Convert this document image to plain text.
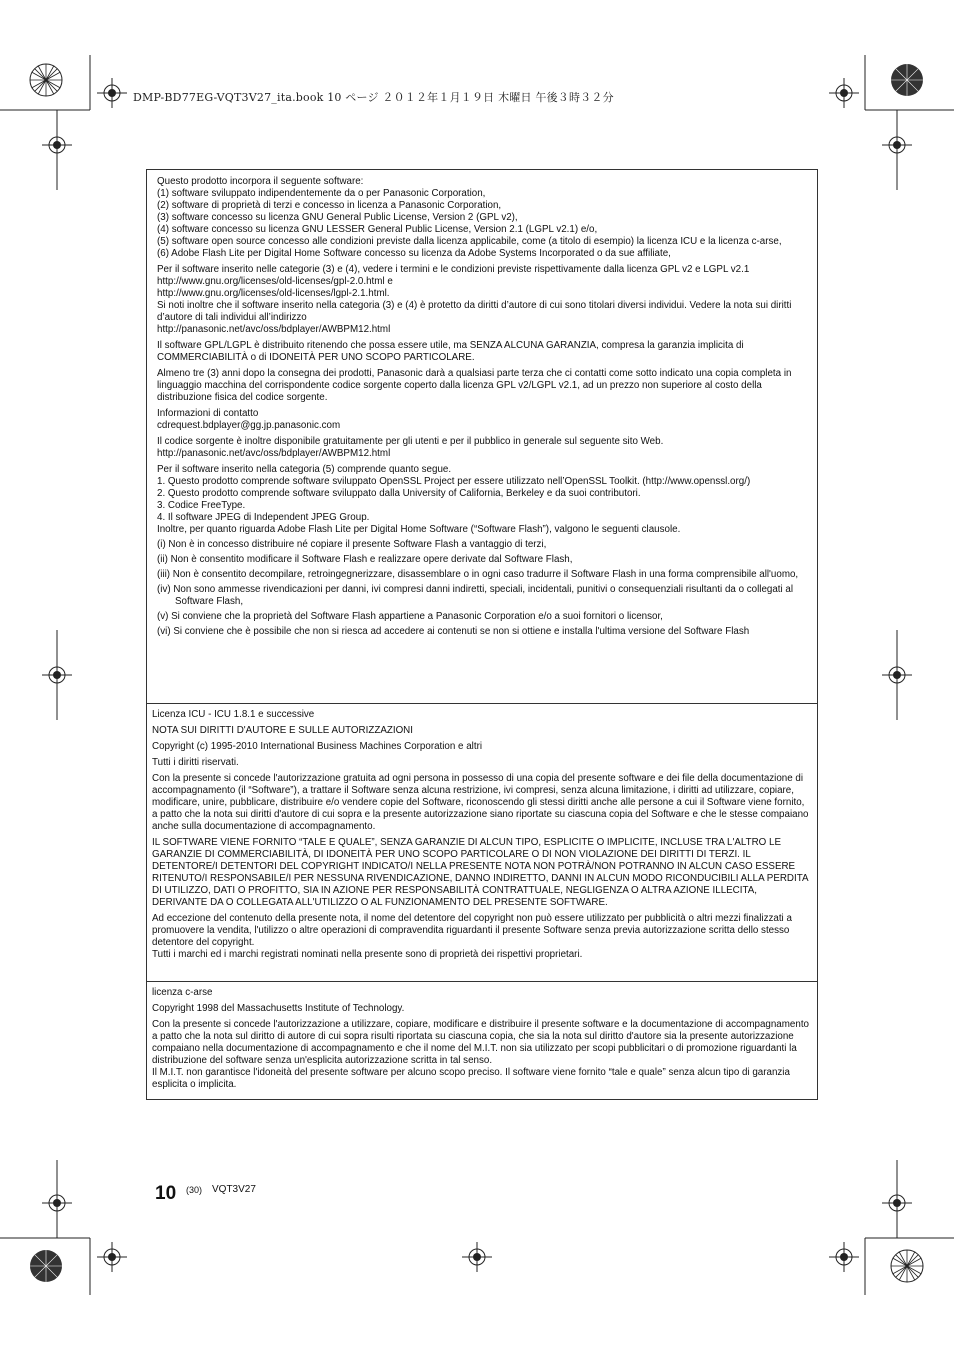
DMP-BD77EG-VQT3V27_ita.book 10 ページ ２０１２年１月１９日 木曜日 午後３時３２分

Questo prodotto incorpora il seguente software:

(1) software sviluppato indipendentemente da o per Panasonic Corporation,

(2) software di proprietà di terzi e concesso in licenza a Panasonic Corporation,

(3) software concesso su licenza GNU General Public License, Version 2 (GPL v2),

(4) software concesso su licenza GNU LESSER General Public License, Version 2.1 (LGPL v2.1) e/o,

(5) software open source concesso alle condizioni previste dalla licenza applicabile, come (a titolo di esempio) la licenza ICU e la licenza c-arse,

(6) Adobe Flash Lite per Digital Home Software concesso su licenza da Adobe Systems Incorporated o da sue affiliate,

Per il software inserito nelle categorie (3) e (4), vedere i termini e le condizioni previste rispettivamente dalla licenza GPL v2 e LGPL v2.1

http://www.gnu.org/licenses/old-licenses/gpl-2.0.html e

http://www.gnu.org/licenses/old-licenses/lgpl-2.1.html.

Si noti inoltre che il software inserito nella categoria (3) e (4) è protetto da diritti d’autore di cui sono titolari diversi individui. Vedere la nota sui diritti d’autore di tali individui all’indirizzo

http://panasonic.net/avc/oss/bdplayer/AWBPM12.html

Il software GPL/LGPL è distribuito ritenendo che possa essere utile, ma SENZA ALCUNA GARANZIA, compresa la garanzia implicita di COMMERCIABILITÀ o di IDONEITÀ PER UNO SCOPO PARTICOLARE.

Almeno tre (3) anni dopo la consegna dei prodotti, Panasonic darà a qualsiasi parte terza che ci contatti come sotto indicato una copia completa in linguaggio macchina del corrispondente codice sorgente coperto dalla licenza GPL v2/LGPL v2.1, ad un prezzo non superiore al costo della distribuzione fisica del codice sorgente.

Informazioni di contatto

cdrequest.bdplayer@gg.jp.panasonic.com

Il codice sorgente è inoltre disponibile gratuitamente per gli utenti e per il pubblico in generale sul seguente sito Web.

http://panasonic.net/avc/oss/bdplayer/AWBPM12.html

Per il software inserito nella categoria (5) comprende quanto segue.

1. Questo prodotto comprende software sviluppato OpenSSL Project per essere utilizzato nell’OpenSSL Toolkit. (http://www.openssl.org/)

2. Questo prodotto comprende software sviluppato dalla University of California, Berkeley e da suoi contributori.

3. Codice FreeType.

4. Il software JPEG di Independent JPEG Group.

Inoltre, per quanto riguarda Adobe Flash Lite per Digital Home Software (“Software Flash”), valgono le seguenti clausole.

(i) Non è in concesso distribuire né copiare il presente Software Flash a vantaggio di terzi,

(ii) Non è consentito modificare il Software Flash e realizzare opere derivate dal Software Flash,

(iii) Non è consentito decompilare, retroingegnerizzare, disassemblare o in ogni caso tradurre il Software Flash in una forma comprensibile all'uomo,

(iv) Non sono ammesse rivendicazioni per danni, ivi compresi danni indiretti, speciali, incidentali, punitivi o consequenziali risultanti da o collegati al Software Flash,

(v) Si conviene che la proprietà del Software Flash appartiene a Panasonic Corporation e/o a suoi fornitori o licensor,

(vi) Si conviene che è possibile che non si riesca ad accedere ai contenuti se non si ottiene e installa l'ultima versione del Software Flash

Licenza ICU - ICU 1.8.1 e successive

NOTA SUI DIRITTI D'AUTORE E SULLE AUTORIZZAZIONI

Copyright (c) 1995-2010 International Business Machines Corporation e altri

Tutti i diritti riservati.

Con la presente si concede l'autorizzazione gratuita ad ogni persona in possesso di una copia del presente software e dei file della documentazione di accompagnamento (il “Software”), a trattare il Software senza alcuna restrizione, ivi compresi, senza alcuna limitazione, i diritti ad utilizzare, copiare, modificare, unire, pubblicare, distribuire e/o vendere copie del Software, riconoscendo gli stessi diritti anche alle persone a cui il Software viene fornito, a patto che la nota sui diritti d'autore di cui sopra e la presente autorizzazione siano riportate su ciascuna copia del Software e che le stesse compaiano anche sulla documentazione di accompagnamento.

IL SOFTWARE VIENE FORNITO “TALE E QUALE”, SENZA GARANZIE DI ALCUN TIPO, ESPLICITE O IMPLICITE, INCLUSE TRA L'ALTRO LE GARANZIE DI COMMERCIABILITÀ, DI IDONEITÀ PER UNO SCOPO PARTICOLARE O DI NON VIOLAZIONE DEI DIRITTI DI TERZI. IL DETENTORE/I DETENTORI DEL COPYRIGHT INDICATO/I NELLA PRESENTE NOTA NON POTRÀ/NON POTRANNO IN ALCUN CASO ESSERE RITENUTO/I RESPONSABILE/I PER NESSUNA RIVENDICAZIONE, DANNO INDIRETTO, DANNI IN ALCUN MODO RICONDUCIBILI ALLA PERDITA DI UTILIZZO, DATI O PROFITTO, SIA IN AZIONE PER RESPONSABILITÀ CONTRATTUALE, NEGLIGENZA O ALTRA AZIONE ILLECITA, DERIVANTE DA O COLLEGATA ALL'UTILIZZO O AL FUNZIONAMENTO DEL PRESENTE SOFTWARE.

Ad eccezione del contenuto della presente nota, il nome del detentore del copyright non può essere utilizzato per pubblicità o altri mezzi finalizzati a promuovere la vendita, l'utilizzo o altre operazioni di compravendita riguardanti il presente Software senza previa autorizzazione scritta dello stesso detentore del copyright.

Tutti i marchi ed i marchi registrati nominati nella presente sono di proprietà dei rispettivi proprietari.

licenza c-arse

Copyright 1998 del Massachusetts Institute of Technology.

Con la presente si concede l'autorizzazione a utilizzare, copiare, modificare e distribuire il presente software e la documentazione di accompagnamento a patto che la nota sul diritto di autore di cui sopra risulti riportata su ciascuna copia, che sia la nota sul diritto d'autore sia la presente autorizzazione compaiano nella documentazione di accompagnamento e che il nome del M.I.T. non sia utilizzato per scopi pubblicitari o di promozione riguardanti la distribuzione del software senza un'esplicita autorizzazione scritta in tal senso.

Il M.I.T. non garantisce l'idoneità del presente software per alcuno scopo preciso. Il software viene fornito “tale e quale” senza alcun tipo di garanzia esplicita o implicita.

10 (30) VQT3V27
